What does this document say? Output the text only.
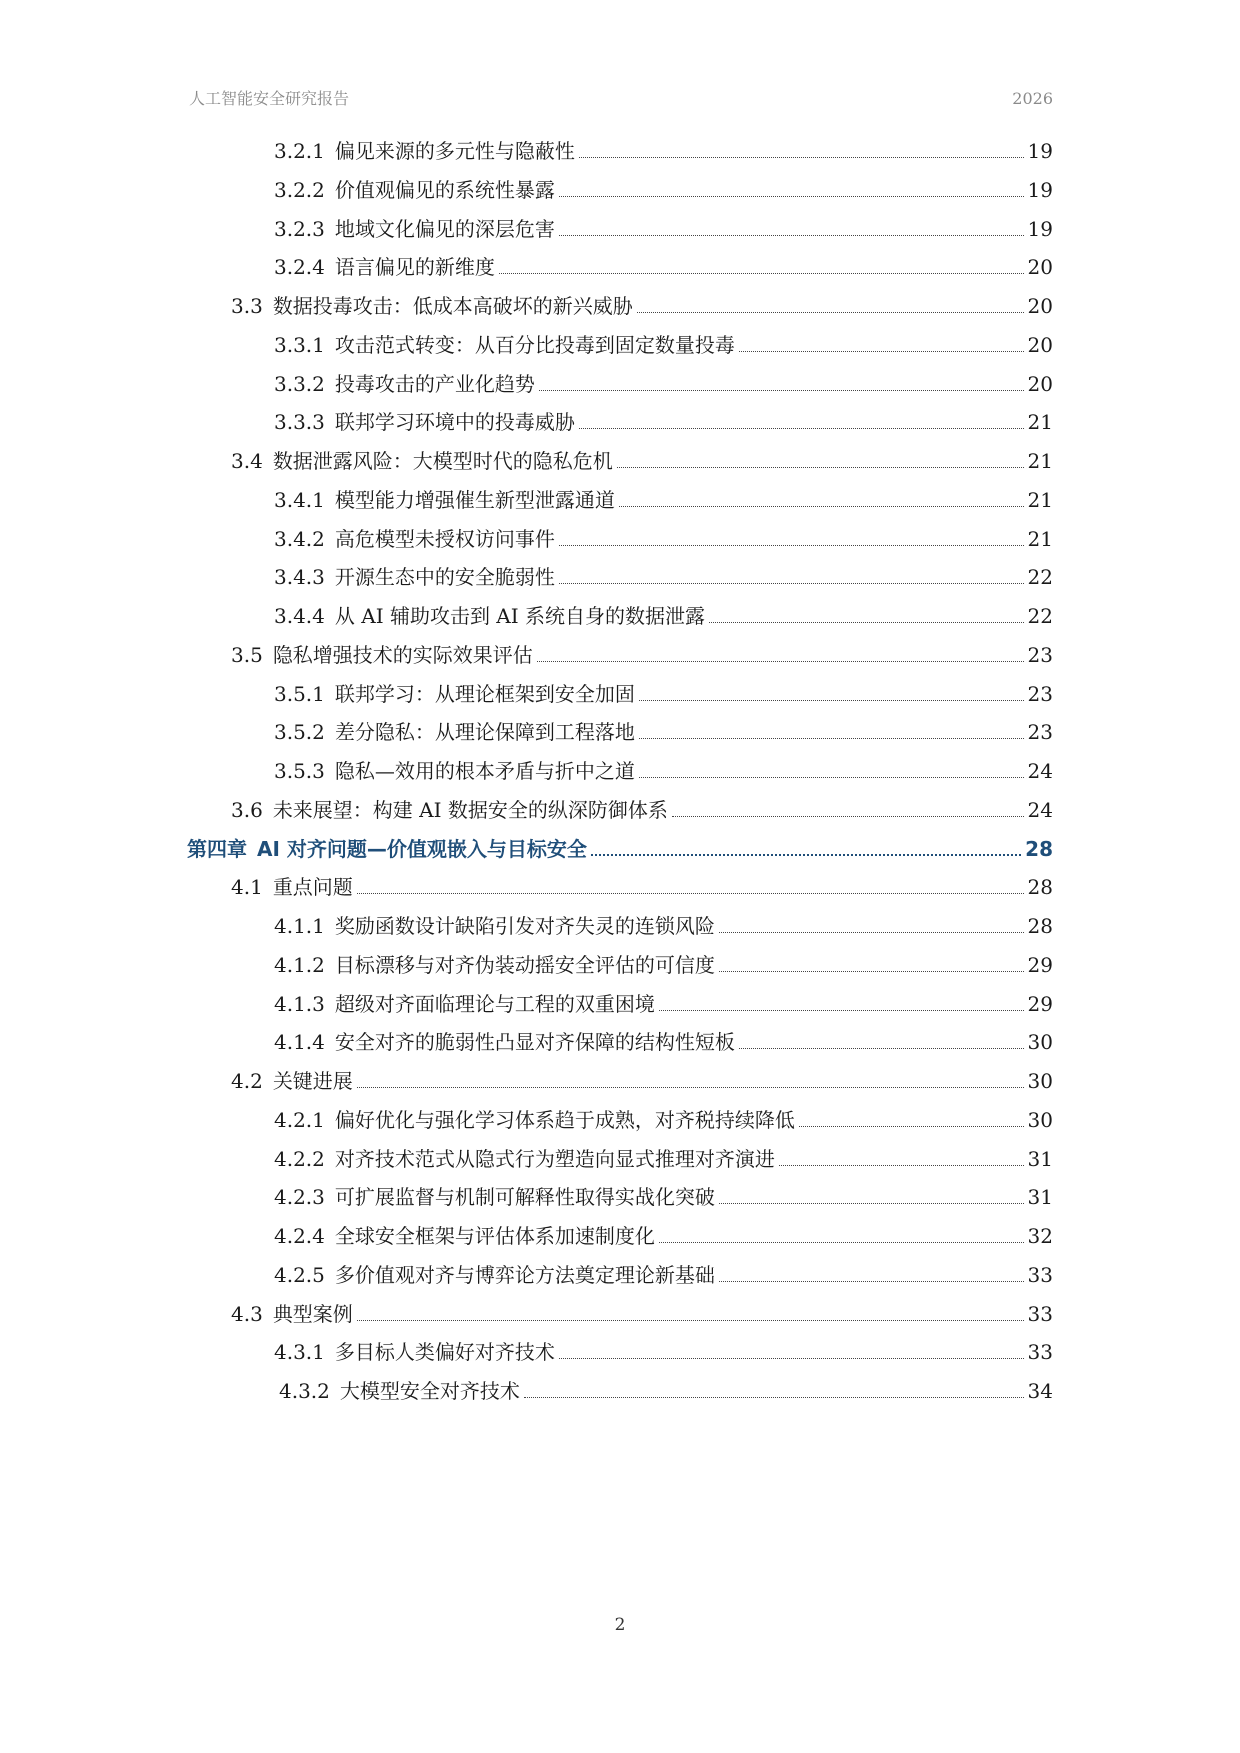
人工智能安全研究报告	2026
3.2.1 偏见来源的多元性与隐蔽性	19
3.2.2 价值观偏见的系统性暴露	19
3.2.3 地域文化偏见的深层危害	19
3.2.4 语言偏见的新维度	20
3.3 数据投毒攻击：低成本高破坏的新兴威胁	20
3.3.1 攻击范式转变：从百分比投毒到固定数量投毒	20
3.3.2 投毒攻击的产业化趋势	20
3.3.3 联邦学习环境中的投毒威胁	21
3.4 数据泄露风险：大模型时代的隐私危机	21
3.4.1 模型能力增强催生新型泄露通道	21
3.4.2 高危模型未授权访问事件	21
3.4.3 开源生态中的安全脆弱性	22
3.4.4 从 AI 辅助攻击到 AI 系统自身的数据泄露	22
3.5 隐私增强技术的实际效果评估	23
3.5.1 联邦学习：从理论框架到安全加固	23
3.5.2 差分隐私：从理论保障到工程落地	23
3.5.3 隐私—效用的根本矛盾与折中之道	24
3.6 未来展望：构建 AI 数据安全的纵深防御体系	24
第四章 AI 对齐问题—价值观嵌入与目标安全	28
4.1 重点问题	28
4.1.1 奖励函数设计缺陷引发对齐失灵的连锁风险	28
4.1.2 目标漂移与对齐伪装动摇安全评估的可信度	29
4.1.3 超级对齐面临理论与工程的双重困境	29
4.1.4 安全对齐的脆弱性凸显对齐保障的结构性短板	30
4.2 关键进展	30
4.2.1 偏好优化与强化学习体系趋于成熟，对齐税持续降低	30
4.2.2 对齐技术范式从隐式行为塑造向显式推理对齐演进	31
4.2.3 可扩展监督与机制可解释性取得实战化突破	31
4.2.4 全球安全框架与评估体系加速制度化	32
4.2.5 多价值观对齐与博弈论方法奠定理论新基础	33
4.3 典型案例	33
4.3.1 多目标人类偏好对齐技术	33
4.3.2 大模型安全对齐技术	34
2
